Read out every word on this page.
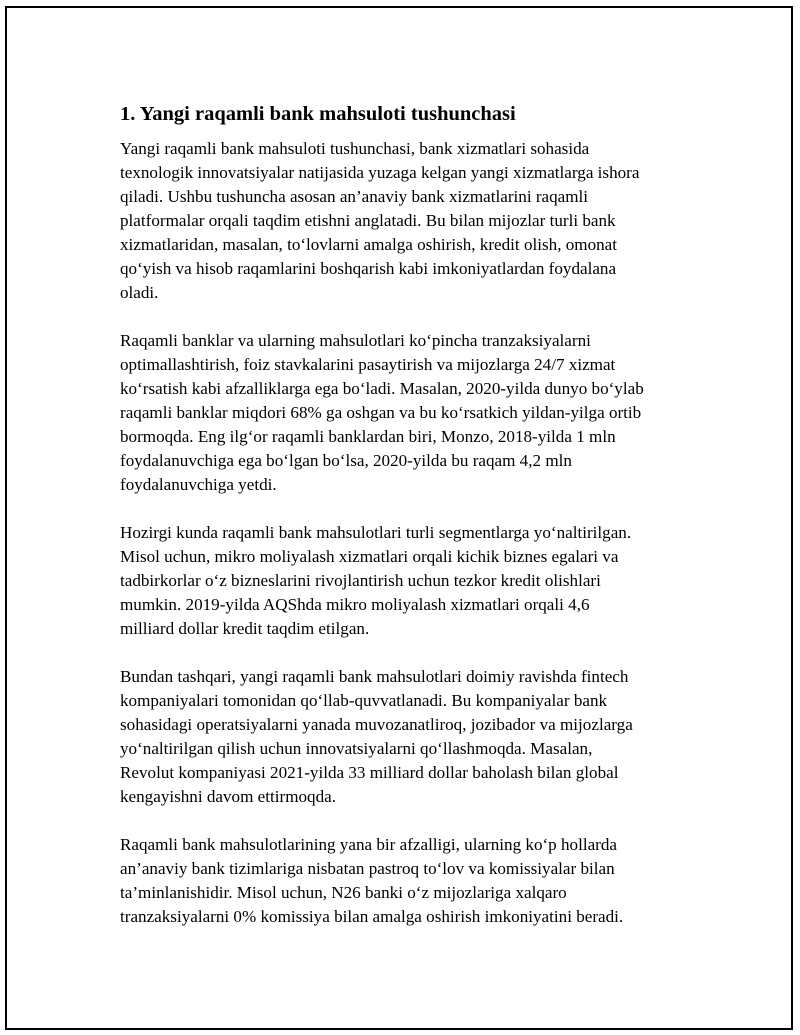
1. Yangi raqamli bank mahsuloti tushunchasi

Yangi raqamli bank mahsuloti tushunchasi, bank xizmatlari sohasida
texnologik innovatsiyalar natijasida yuzaga kelgan yangi xizmatlarga ishora
qiladi. Ushbu tushuncha asosan an’anaviy bank xizmatlarini raqamli
platformalar orqali taqdim etishni anglatadi. Bu bilan mijozlar turli bank
xizmatlaridan, masalan, to‘lovlarni amalga oshirish, kredit olish, omonat
qo‘yish va hisob raqamlarini boshqarish kabi imkoniyatlardan foydalana
oladi.

Raqamli banklar va ularning mahsulotlari ko‘pincha tranzaksiyalarni
optimallashtirish, foiz stavkalarini pasaytirish va mijozlarga 24/7 xizmat
ko‘rsatish kabi afzalliklarga ega bo‘ladi. Masalan, 2020-yilda dunyo bo‘ylab
raqamli banklar miqdori 68% ga oshgan va bu ko‘rsatkich yildan-yilga ortib
bormoqda. Eng ilg‘or raqamli banklardan biri, Monzo, 2018-yilda 1 mln
foydalanuvchiga ega bo‘lgan bo‘lsa, 2020-yilda bu raqam 4,2 mln
foydalanuvchiga yetdi.

Hozirgi kunda raqamli bank mahsulotlari turli segmentlarga yo‘naltirilgan.
Misol uchun, mikro moliyalash xizmatlari orqali kichik biznes egalari va
tadbirkorlar o‘z bizneslarini rivojlantirish uchun tezkor kredit olishlari
mumkin. 2019-yilda AQShda mikro moliyalash xizmatlari orqali 4,6
milliard dollar kredit taqdim etilgan.

Bundan tashqari, yangi raqamli bank mahsulotlari doimiy ravishda fintech
kompaniyalari tomonidan qo‘llab-quvvatlanadi. Bu kompaniyalar bank
sohasidagi operatsiyalarni yanada muvozanatliroq, jozibador va mijozlarga
yo‘naltirilgan qilish uchun innovatsiyalarni qo‘llashmoqda. Masalan,
Revolut kompaniyasi 2021-yilda 33 milliard dollar baholash bilan global
kengayishni davom ettirmoqda.

Raqamli bank mahsulotlarining yana bir afzalligi, ularning ko‘p hollarda
an’anaviy bank tizimlariga nisbatan pastroq to‘lov va komissiyalar bilan
ta’minlanishidir. Misol uchun, N26 banki o‘z mijozlariga xalqaro
tranzaksiyalarni 0% komissiya bilan amalga oshirish imkoniyatini beradi.
